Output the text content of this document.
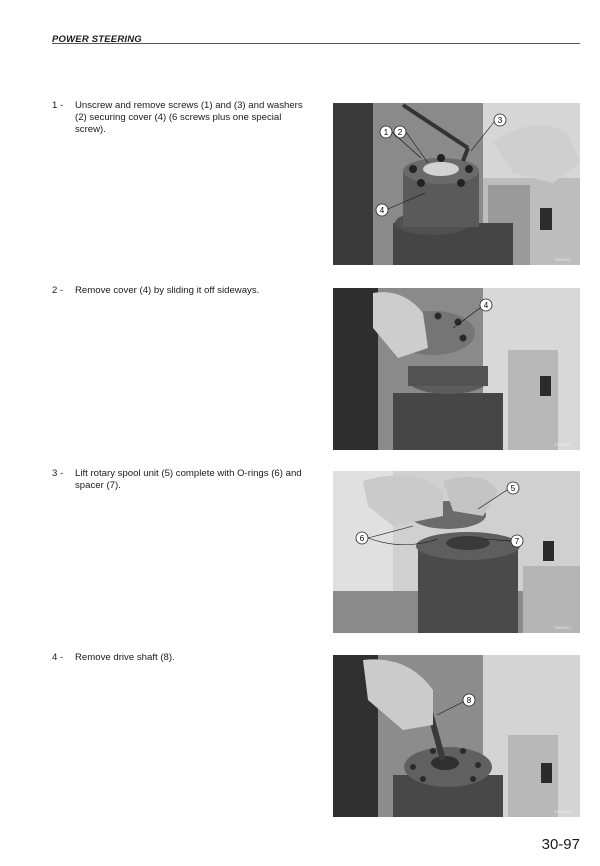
POWER STEERING
1 -	Unscrew and remove screws (1) and (3) and washers (2) securing cover (4) (6 screws plus one special screw).	1 2
3
4
F0004272
2 -	Remove cover (4) by sliding it off sideways.
4
F0004273
3 -	Lift rotary spool unit (5) complete with O-rings (6) and spacer (7).	5
6	7
F0004274
4 -	Remove drive shaft (8).
8
F0004275
30-97
